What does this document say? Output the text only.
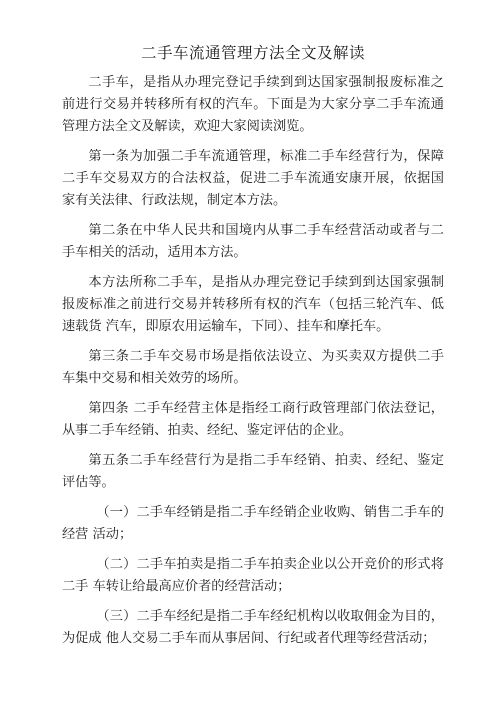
二手车流通管理方法全文及解读

二手车，是指从办理完登记手续到到达国家强制报废标准之前进行交易并转移所有权的汽车。下面是为大家分享二手车流通管理方法全文及解读，欢迎大家阅读浏览。

第一条为加强二手车流通管理，标准二手车经营行为，保障二手车交易双方的合法权益，促进二手车流通安康开展，依据国家有关法律、行政法规，制定本方法。

第二条在中华人民共和国境内从事二手车经营活动或者与二手车相关的活动，适用本方法。

本方法所称二手车，是指从办理完登记手续到到达国家强制报废标准之前进行交易并转移所有权的汽车（包括三轮汽车、低速载货 汽车，即原农用运输车，下同）、挂车和摩托车。

第三条二手车交易市场是指依法设立、为买卖双方提供二手车集中交易和相关效劳的场所。

第四条 二手车经营主体是指经工商行政管理部门依法登记，从事二手车经销、拍卖、经纪、鉴定评估的企业。

第五条二手车经营行为是指二手车经销、拍卖、经纪、鉴定评估等。

（一）二手车经销是指二手车经销企业收购、销售二手车的经营 活动；

（二）二手车拍卖是指二手车拍卖企业以公开竞价的形式将二手 车转让给最高应价者的经营活动；

（三）二手车经纪是指二手车经纪机构以收取佣金为目的，为促成 他人交易二手车而从事居间、行纪或者代理等经营活动；
